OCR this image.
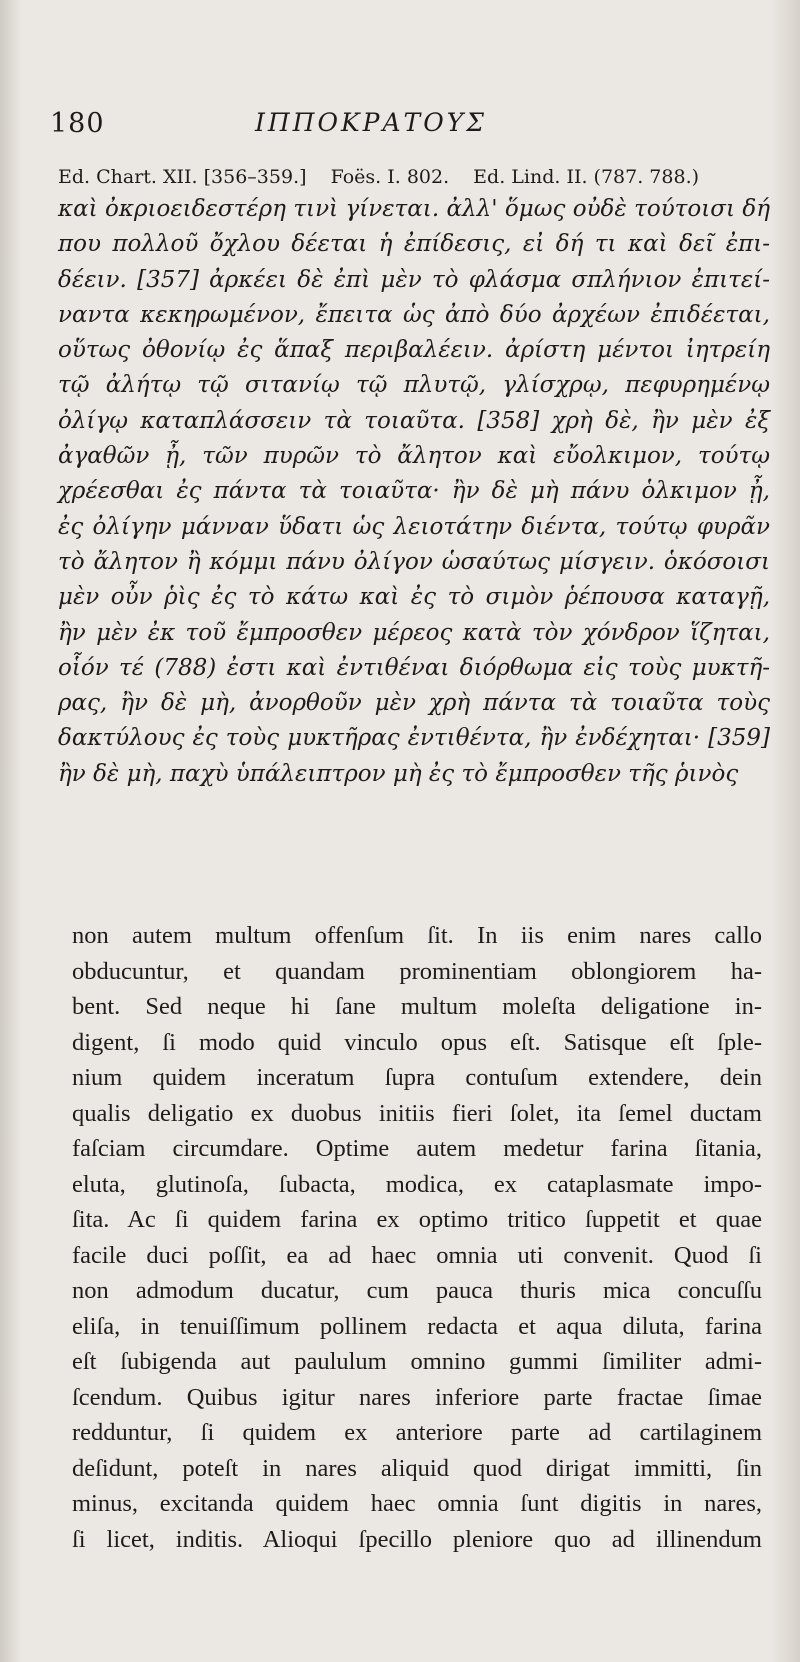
180	ΙΠΠΟΚΡΑΤΟΥΣ
Ed. Chart. XII. [356–359.] Foës. I. 802. Ed. Lind. II. (787. 788.)
καὶ ὀκριοειδεστέρη τινὶ γίνεται. ἀλλ' ὅμως οὐδὲ τούτοισι δή
που πολλοῦ ὄχλου δέεται ἡ ἐπίδεσις, εἰ δή τι καὶ δεῖ ἐπι-
δέειν. [357] ἀρκέει δὲ ἐπὶ μὲν τὸ φλάσμα σπλήνιον ἐπιτεί-
ναντα κεκηρωμένον, ἔπειτα ὡς ἀπὸ δύο ἀρχέων ἐπιδέεται,
οὕτως ὀθονίῳ ἐς ἅπαξ περιβαλέειν. ἀρίστη μέντοι ἰητρείη
τῷ ἀλήτῳ τῷ σιτανίῳ τῷ πλυτῷ, γλίσχρῳ, πεφυρημένῳ
ὀλίγῳ καταπλάσσειν τὰ τοιαῦτα. [358] χρὴ δὲ, ἢν μὲν ἐξ
ἀγαθῶν ᾖ, τῶν πυρῶν τὸ ἄλητον καὶ εὔολκιμον, τούτῳ
χρέεσθαι ἐς πάντα τὰ τοιαῦτα· ἢν δὲ μὴ πάνυ ὁλκιμον ᾖ,
ἐς ὀλίγην μάνναν ὕδατι ὡς λειοτάτην διέντα, τούτῳ φυρᾶν
τὸ ἄλητον ἢ κόμμι πάνυ ὀλίγον ὡσαύτως μίσγειν. ὁκόσοισι
μὲν οὖν ῥὶς ἐς τὸ κάτω καὶ ἐς τὸ σιμὸν ῥέπουσα καταγῇ,
ἢν μὲν ἐκ τοῦ ἔμπροσθεν μέρεος κατὰ τὸν χόνδρον ἵζηται,
οἷόν τέ (788) ἐστι καὶ ἐντιθέναι διόρθωμα εἰς τοὺς μυκτῆ-
ρας, ἢν δὲ μὴ, ἀνορθοῦν μὲν χρὴ πάντα τὰ τοιαῦτα τοὺς
δακτύλους ἐς τοὺς μυκτῆρας ἐντιθέντα, ἢν ἐνδέχηται· [359]
ἢν δὲ μὴ, παχὺ ὑπάλειπτρον μὴ ἐς τὸ ἔμπροσθεν τῆς ῥινὸς
non autem multum offenſum ſit. In iis enim nares callo
obducuntur, et quandam prominentiam oblongiorem ha-
bent. Sed neque hi ſane multum moleſta deligatione in-
digent, ſi modo quid vinculo opus eſt. Satisque eſt ſple-
nium quidem inceratum ſupra contuſum extendere, dein
qualis deligatio ex duobus initiis fieri ſolet, ita ſemel ductam
faſciam circumdare. Optime autem medetur farina ſitania,
eluta, glutinoſa, ſubacta, modica, ex cataplasmate impo-
ſita. Ac ſi quidem farina ex optimo tritico ſuppetit et quae
facile duci poſſit, ea ad haec omnia uti convenit. Quod ſi
non admodum ducatur, cum pauca thuris mica concuſſu
eliſa, in tenuiſſimum pollinem redacta et aqua diluta, farina
eſt ſubigenda aut paululum omnino gummi ſimiliter admi-
ſcendum. Quibus igitur nares inferiore parte fractae ſimae
redduntur, ſi quidem ex anteriore parte ad cartilaginem
deſidunt, poteſt in nares aliquid quod dirigat immitti, ſin
minus, excitanda quidem haec omnia ſunt digitis in nares,
ſi licet, inditis. Alioqui ſpecillo pleniore quo ad illinendum
